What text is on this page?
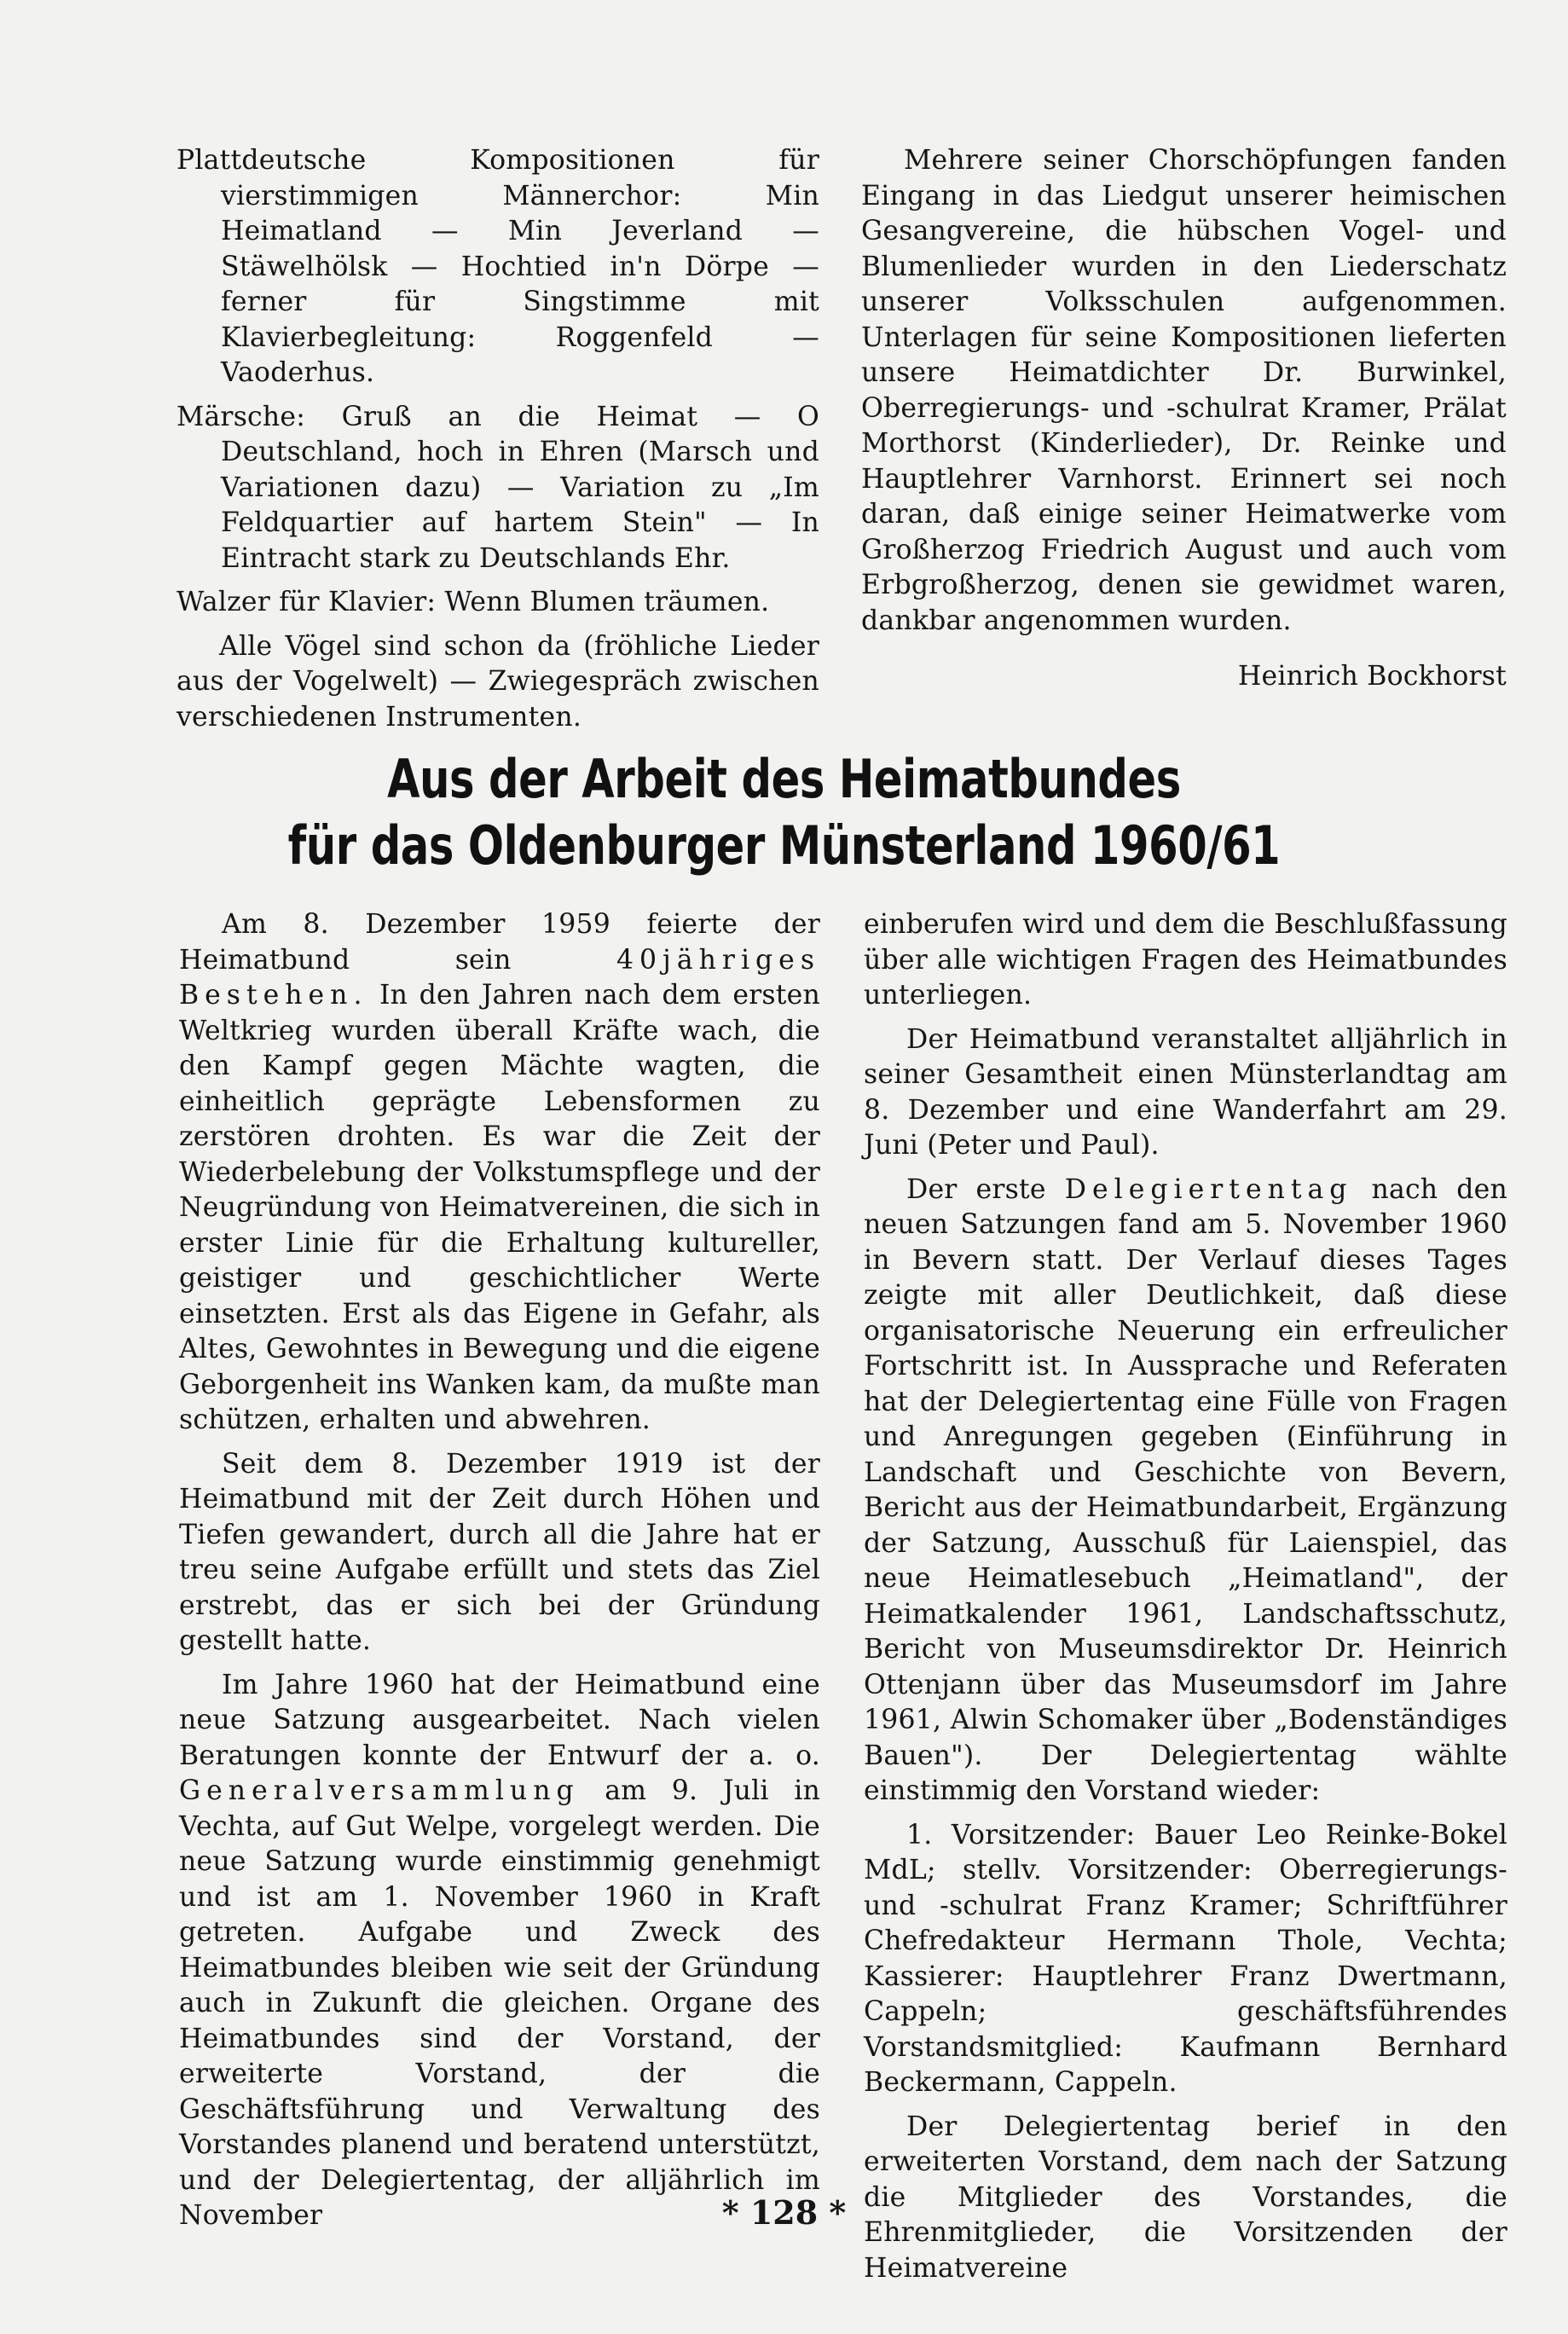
Plattdeutsche Kompositionen für vierstimmigen Männerchor: Min Heimatland — Min Jeverland — Stäwelhölsk — Hochtied in'n Dörpe — ferner für Singstimme mit Klavierbegleitung: Roggenfeld — Vaoderhus.

Märsche: Gruß an die Heimat — O Deutschland, hoch in Ehren (Marsch und Variationen dazu) — Variation zu „Im Feldquartier auf hartem Stein" — In Eintracht stark zu Deutschlands Ehr.

Walzer für Klavier: Wenn Blumen träumen.

Alle Vögel sind schon da (fröhliche Lieder aus der Vogelwelt) — Zwiegespräch zwischen verschiedenen Instrumenten.

Mehrere seiner Chorschöpfungen fanden Eingang in das Liedgut unserer heimischen Gesangvereine, die hübschen Vogel- und Blumenlieder wurden in den Liederschatz unserer Volksschulen aufgenommen. Unterlagen für seine Kompositionen lieferten unsere Heimatdichter Dr. Burwinkel, Oberregierungs- und -schulrat Kramer, Prälat Morthorst (Kinderlieder), Dr. Reinke und Hauptlehrer Varnhorst. Erinnert sei noch daran, daß einige seiner Heimatwerke vom Großherzog Friedrich August und auch vom Erbgroßherzog, denen sie gewidmet waren, dankbar angenommen wurden.

Heinrich Bockhorst

Aus der Arbeit des Heimatbundes
für das Oldenburger Münsterland 1960/61

Am 8. Dezember 1959 feierte der Heimatbund sein 40jähriges Bestehen. In den Jahren nach dem ersten Weltkrieg wurden überall Kräfte wach, die den Kampf gegen Mächte wagten, die einheitlich geprägte Lebensformen zu zerstören drohten. Es war die Zeit der Wiederbelebung der Volkstumspflege und der Neugründung von Heimatvereinen, die sich in erster Linie für die Erhaltung kultureller, geistiger und geschichtlicher Werte einsetzten. Erst als das Eigene in Gefahr, als Altes, Gewohntes in Bewegung und die eigene Geborgenheit ins Wanken kam, da mußte man schützen, erhalten und abwehren.

Seit dem 8. Dezember 1919 ist der Heimatbund mit der Zeit durch Höhen und Tiefen gewandert, durch all die Jahre hat er treu seine Aufgabe erfüllt und stets das Ziel erstrebt, das er sich bei der Gründung gestellt hatte.

Im Jahre 1960 hat der Heimatbund eine neue Satzung ausgearbeitet. Nach vielen Beratungen konnte der Entwurf der a. o. Generalversammlung am 9. Juli in Vechta, auf Gut Welpe, vorgelegt werden. Die neue Satzung wurde einstimmig genehmigt und ist am 1. November 1960 in Kraft getreten. Aufgabe und Zweck des Heimatbundes bleiben wie seit der Gründung auch in Zukunft die gleichen. Organe des Heimatbundes sind der Vorstand, der erweiterte Vorstand, der die Geschäftsführung und Verwaltung des Vorstandes planend und beratend unterstützt, und der Delegiertentag, der alljährlich im November

einberufen wird und dem die Beschlußfassung über alle wichtigen Fragen des Heimatbundes unterliegen.

Der Heimatbund veranstaltet alljährlich in seiner Gesamtheit einen Münsterlandtag am 8. Dezember und eine Wanderfahrt am 29. Juni (Peter und Paul).

Der erste Delegiertentag nach den neuen Satzungen fand am 5. November 1960 in Bevern statt. Der Verlauf dieses Tages zeigte mit aller Deutlichkeit, daß diese organisatorische Neuerung ein erfreulicher Fortschritt ist. In Aussprache und Referaten hat der Delegiertentag eine Fülle von Fragen und Anregungen gegeben (Einführung in Landschaft und Geschichte von Bevern, Bericht aus der Heimatbundarbeit, Ergänzung der Satzung, Ausschuß für Laienspiel, das neue Heimatlesebuch „Heimatland", der Heimatkalender 1961, Landschaftsschutz, Bericht von Museumsdirektor Dr. Heinrich Ottenjann über das Museumsdorf im Jahre 1961, Alwin Schomaker über „Bodenständiges Bauen"). Der Delegiertentag wählte einstimmig den Vorstand wieder:

1. Vorsitzender: Bauer Leo Reinke-Bokel MdL; stellv. Vorsitzender: Oberregierungs- und -schulrat Franz Kramer; Schriftführer Chefredakteur Hermann Thole, Vechta; Kassierer: Hauptlehrer Franz Dwertmann, Cappeln; geschäftsführendes Vorstandsmitglied: Kaufmann Bernhard Beckermann, Cappeln.

Der Delegiertentag berief in den erweiterten Vorstand, dem nach der Satzung die Mitglieder des Vorstandes, die Ehrenmitglieder, die Vorsitzenden der Heimatvereine

* 128 *
